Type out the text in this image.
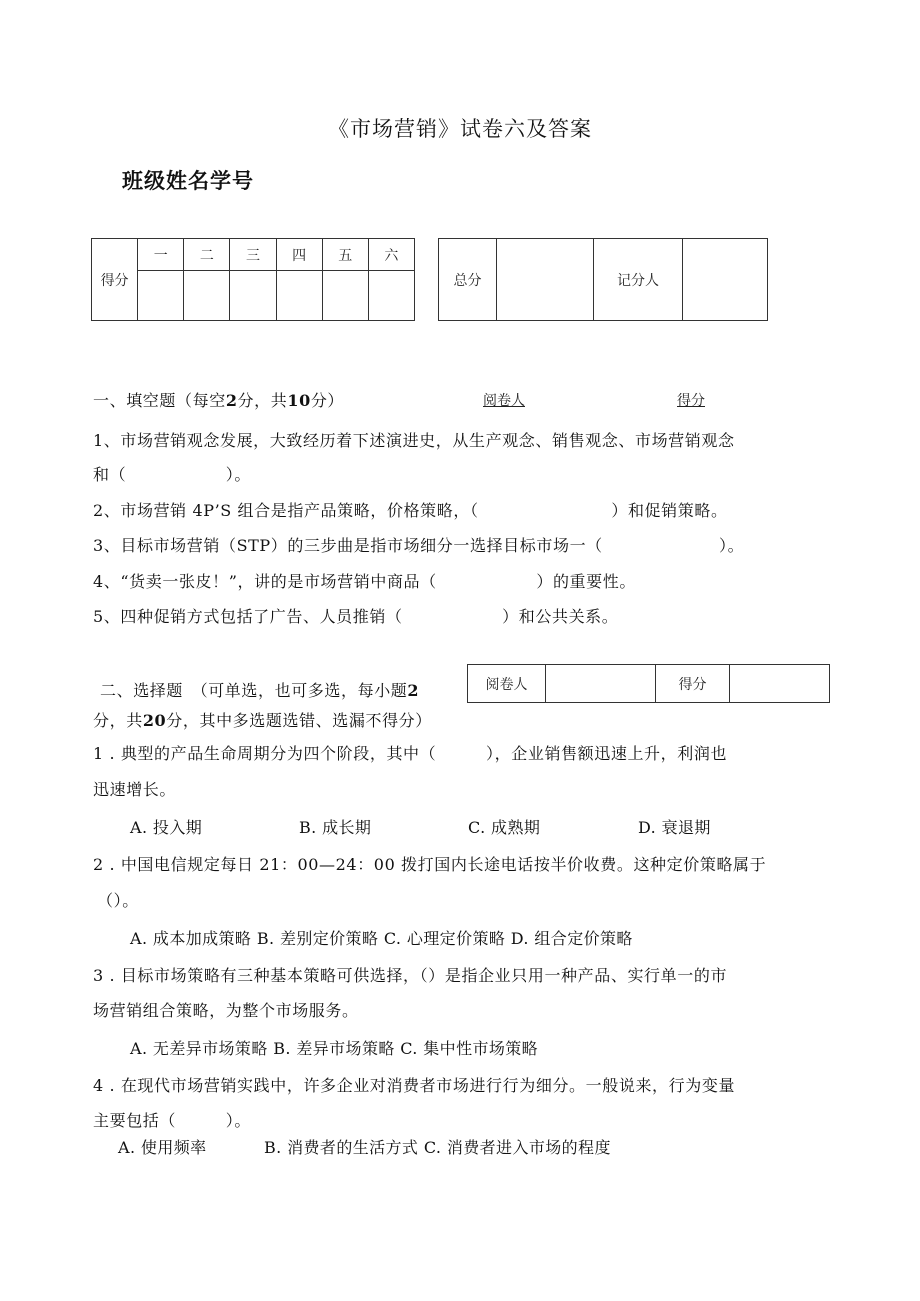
《市场营销》试卷六及答案
班级姓名学号
得分	一	二	三	四	五	六

总分		记分人	
一、填空题（每空2分，共10分）	阅卷人	得分
1、市场营销观念发展，大致经历着下述演进史，从生产观念、销售观念、市场营销观念
和（　　　　　　）。
2、市场营销 4P’S 组合是指产品策略，价格策略，（　　　　　　　　）和促销策略。
3、目标市场营销（STP）的三步曲是指市场细分一选择目标市场一（　　　　　　　）。
4、“货卖一张皮！”，讲的是市场营销中商品（　　　　　　）的重要性。
5、四种促销方式包括了广告、人员推销（　　　　　　）和公共关系。
二、选择题　（可单选，也可多选，每小题2	阅卷人		得分	
分，共20分，其中多选题选错、选漏不得分）
1 . 典型的产品生命周期分为四个阶段，其中（　　　），企业销售额迅速上升，利润也
迅速增长。
A. 投入期	B. 成长期	C. 成熟期	D. 衰退期
2 . 中国电信规定每日 21：00—24：00 拨打国内长途电话按半价收费。这种定价策略属于
（）。
A. 成本加成策略 B. 差别定价策略 C. 心理定价策略 D. 组合定价策略
3 . 目标市场策略有三种基本策略可供选择，（）是指企业只用一种产品、实行单一的市
场营销组合策略，为整个市场服务。
A. 无差异市场策略 B. 差异市场策略 C. 集中性市场策略
4 . 在现代市场营销实践中，许多企业对消费者市场进行行为细分。一般说来，行为变量
主要包括（　　　）。
A. 使用频率	B. 消费者的生活方式 C. 消费者进入市场的程度
